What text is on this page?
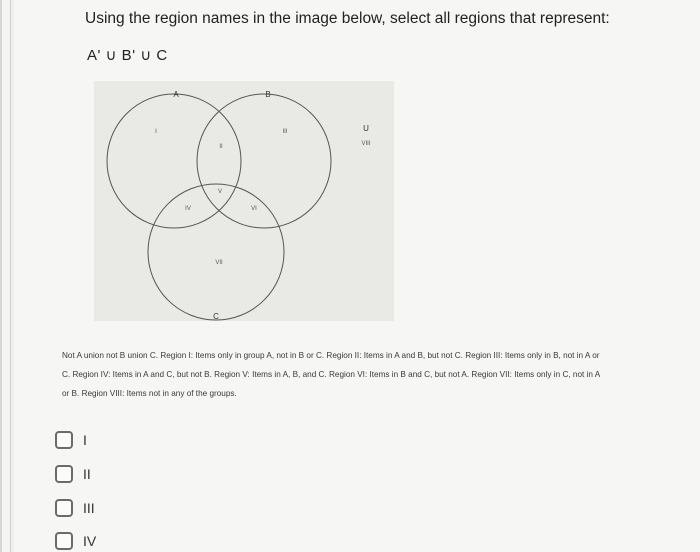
Using the region names in the image below, select all regions that represent:
A' ∪ B' ∪ C
A	B
C
U
I
II
III
IV
V
VI
VII
VIII

Not A union not B union C. Region I: Items only in group A, not in B or C. Region II: Items in A and B, but not C. Region III: Items only in B, not in A or

C. Region IV: Items in A and C, but not B. Region V: Items in A, B, and C. Region VI: Items in B and C, but not A. Region VII: Items only in C, not in A

or B. Region VIII: Items not in any of the groups.

I
II
III
IV
